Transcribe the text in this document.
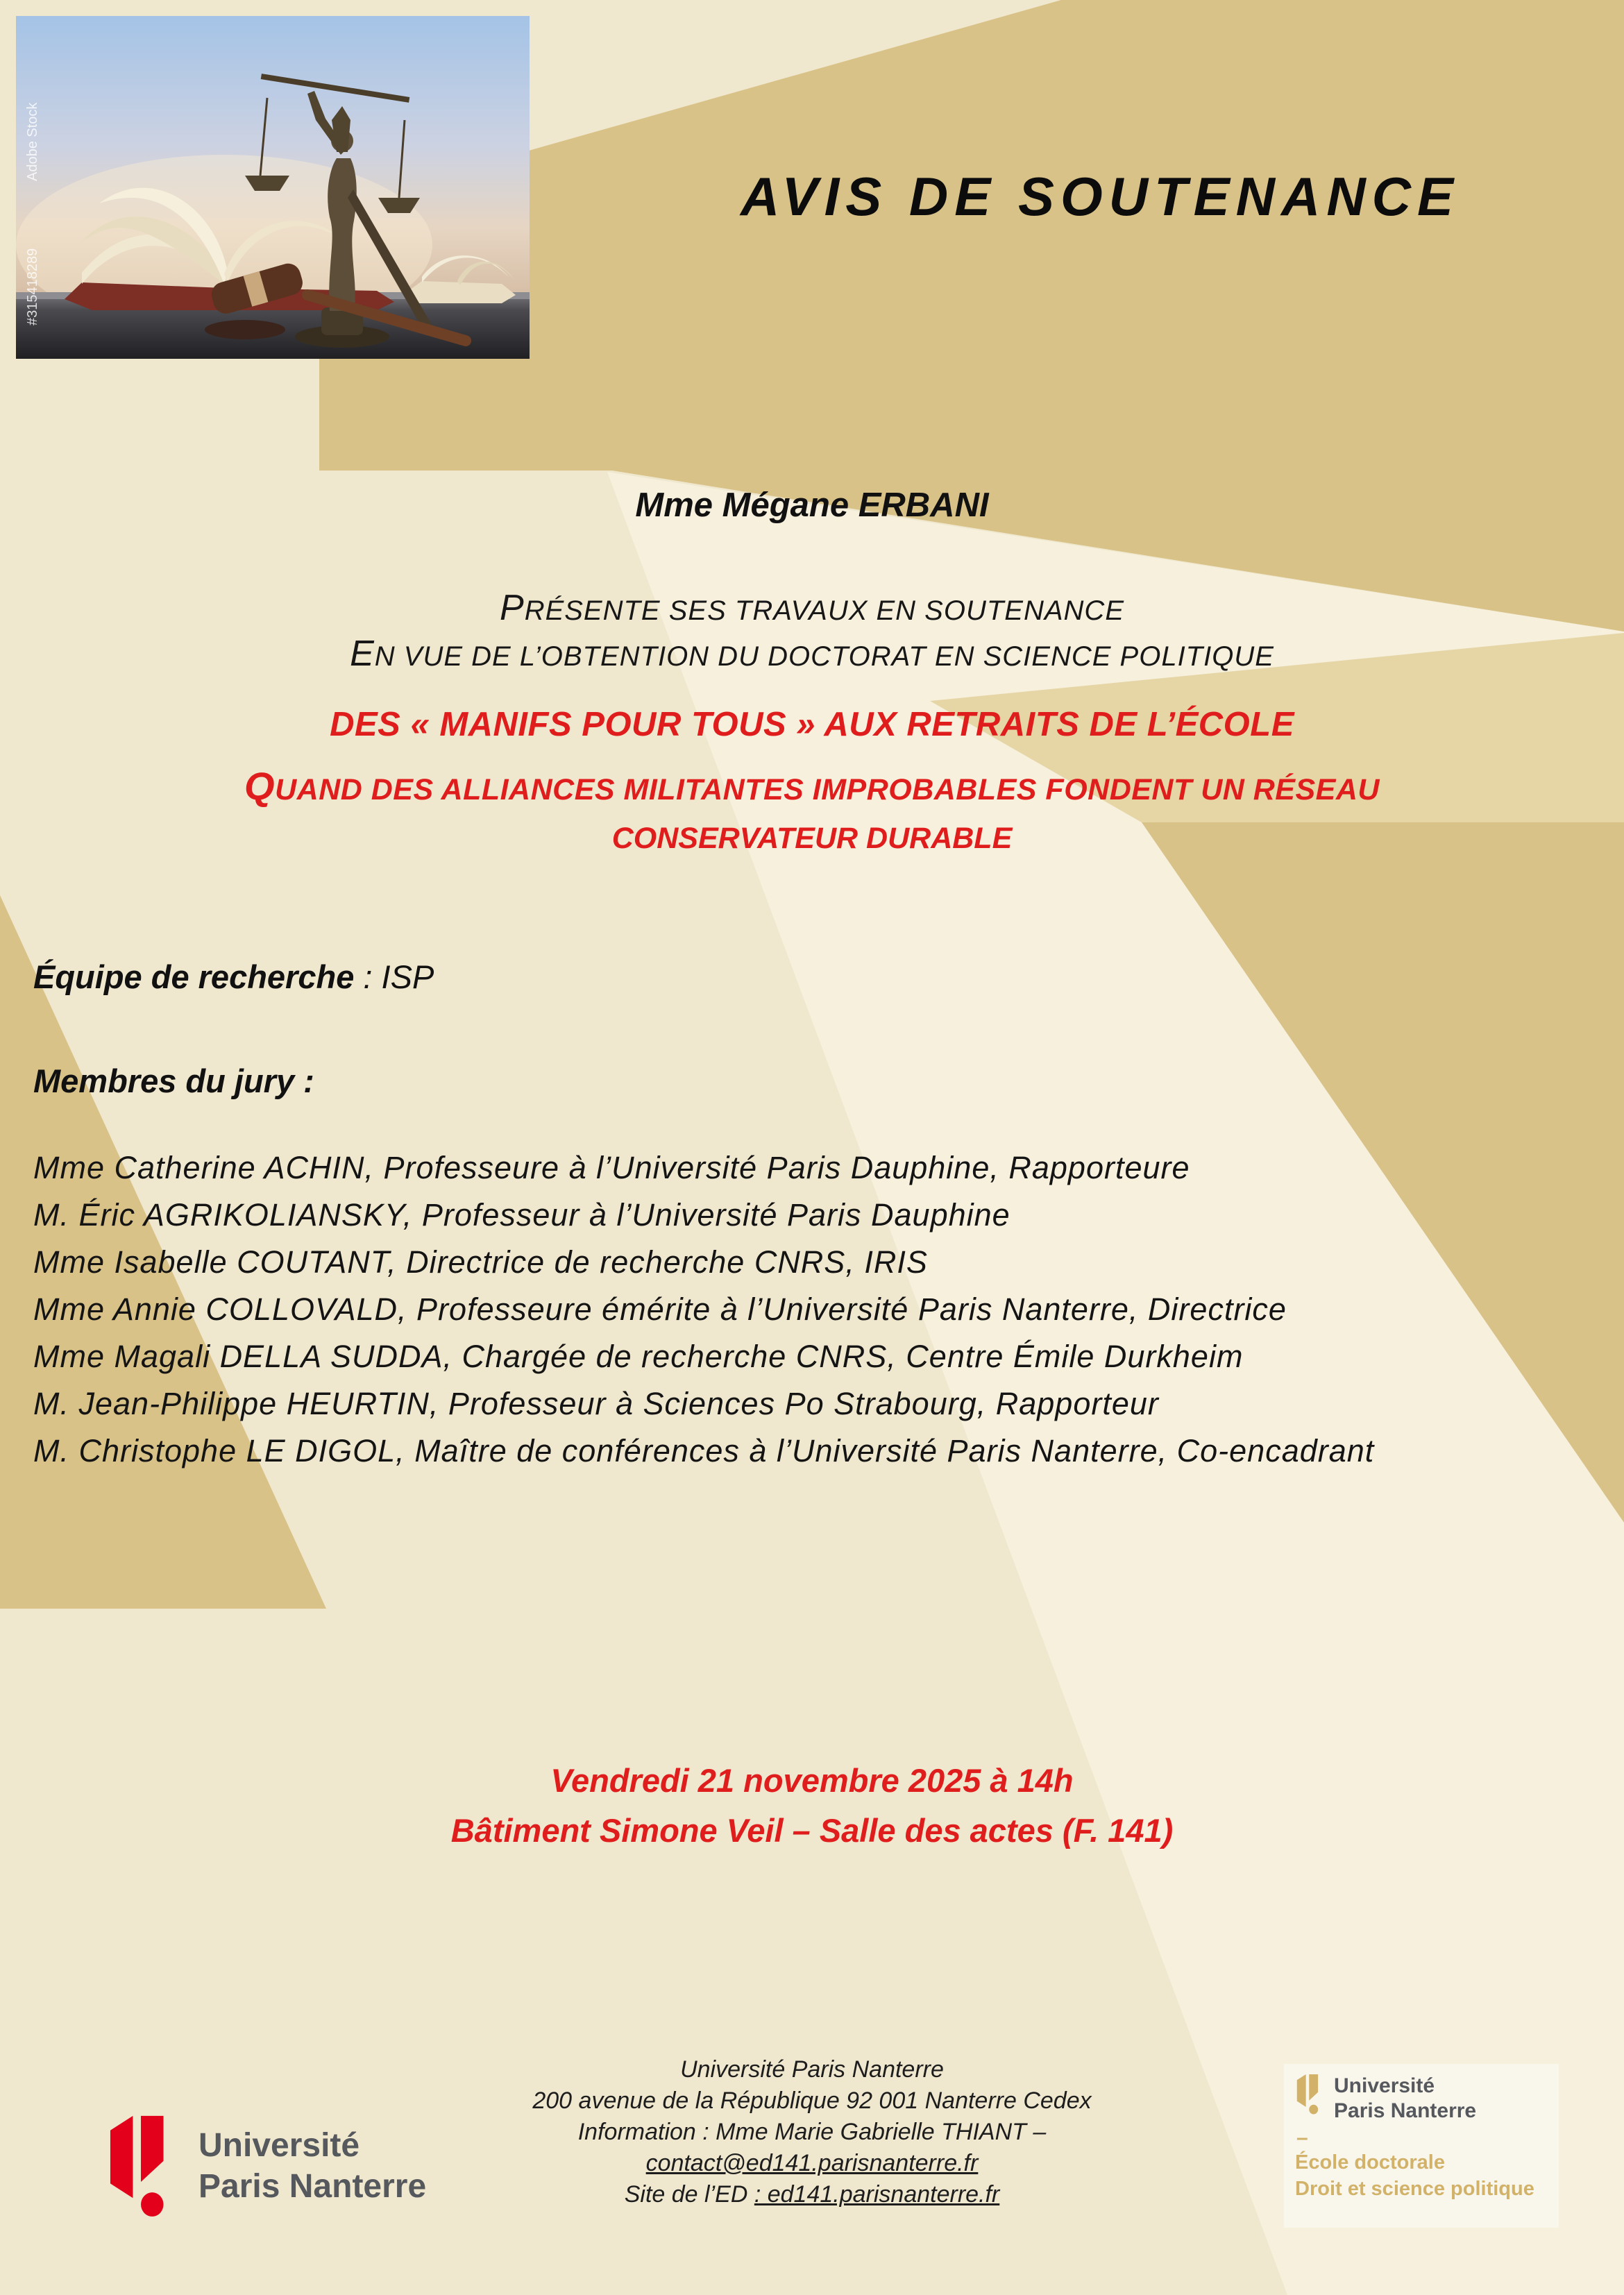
#315418289
Adobe Stock
AVIS DE SOUTENANCE
Mme Mégane ERBANI
PRÉSENTE SES TRAVAUX EN SOUTENANCE
EN VUE DE L’OBTENTION DU DOCTORAT EN SCIENCE POLITIQUE
DES « MANIFS POUR TOUS » AUX RETRAITS DE L’ÉCOLE
QUAND DES ALLIANCES MILITANTES IMPROBABLES FONDENT UN RÉSEAU
CONSERVATEUR DURABLE
Équipe de recherche : ISP
Membres du jury :
Mme Catherine ACHIN, Professeure à l’Université Paris Dauphine, Rapporteure
M. Éric AGRIKOLIANSKY, Professeur à l’Université Paris Dauphine
Mme Isabelle COUTANT, Directrice de recherche CNRS, IRIS
Mme Annie COLLOVALD, Professeure émérite à l’Université Paris Nanterre, Directrice
Mme Magali DELLA SUDDA, Chargée de recherche CNRS, Centre Émile Durkheim
M. Jean-Philippe HEURTIN, Professeur à Sciences Po Strabourg, Rapporteur
M. Christophe LE DIGOL, Maître de conférences à l’Université Paris Nanterre, Co-encadrant
Vendredi 21 novembre 2025 à 14h
Bâtiment Simone Veil – Salle des actes (F. 141)
Université Paris Nanterre
200 avenue de la République 92 001 Nanterre Cedex
Information : Mme Marie Gabrielle THIANT –
contact@ed141.parisnanterre.fr
Site de l’ED : ed141.parisnanterre.fr
Université
Paris Nanterre
Université
Paris Nanterre
–
École doctorale
Droit et science politique
